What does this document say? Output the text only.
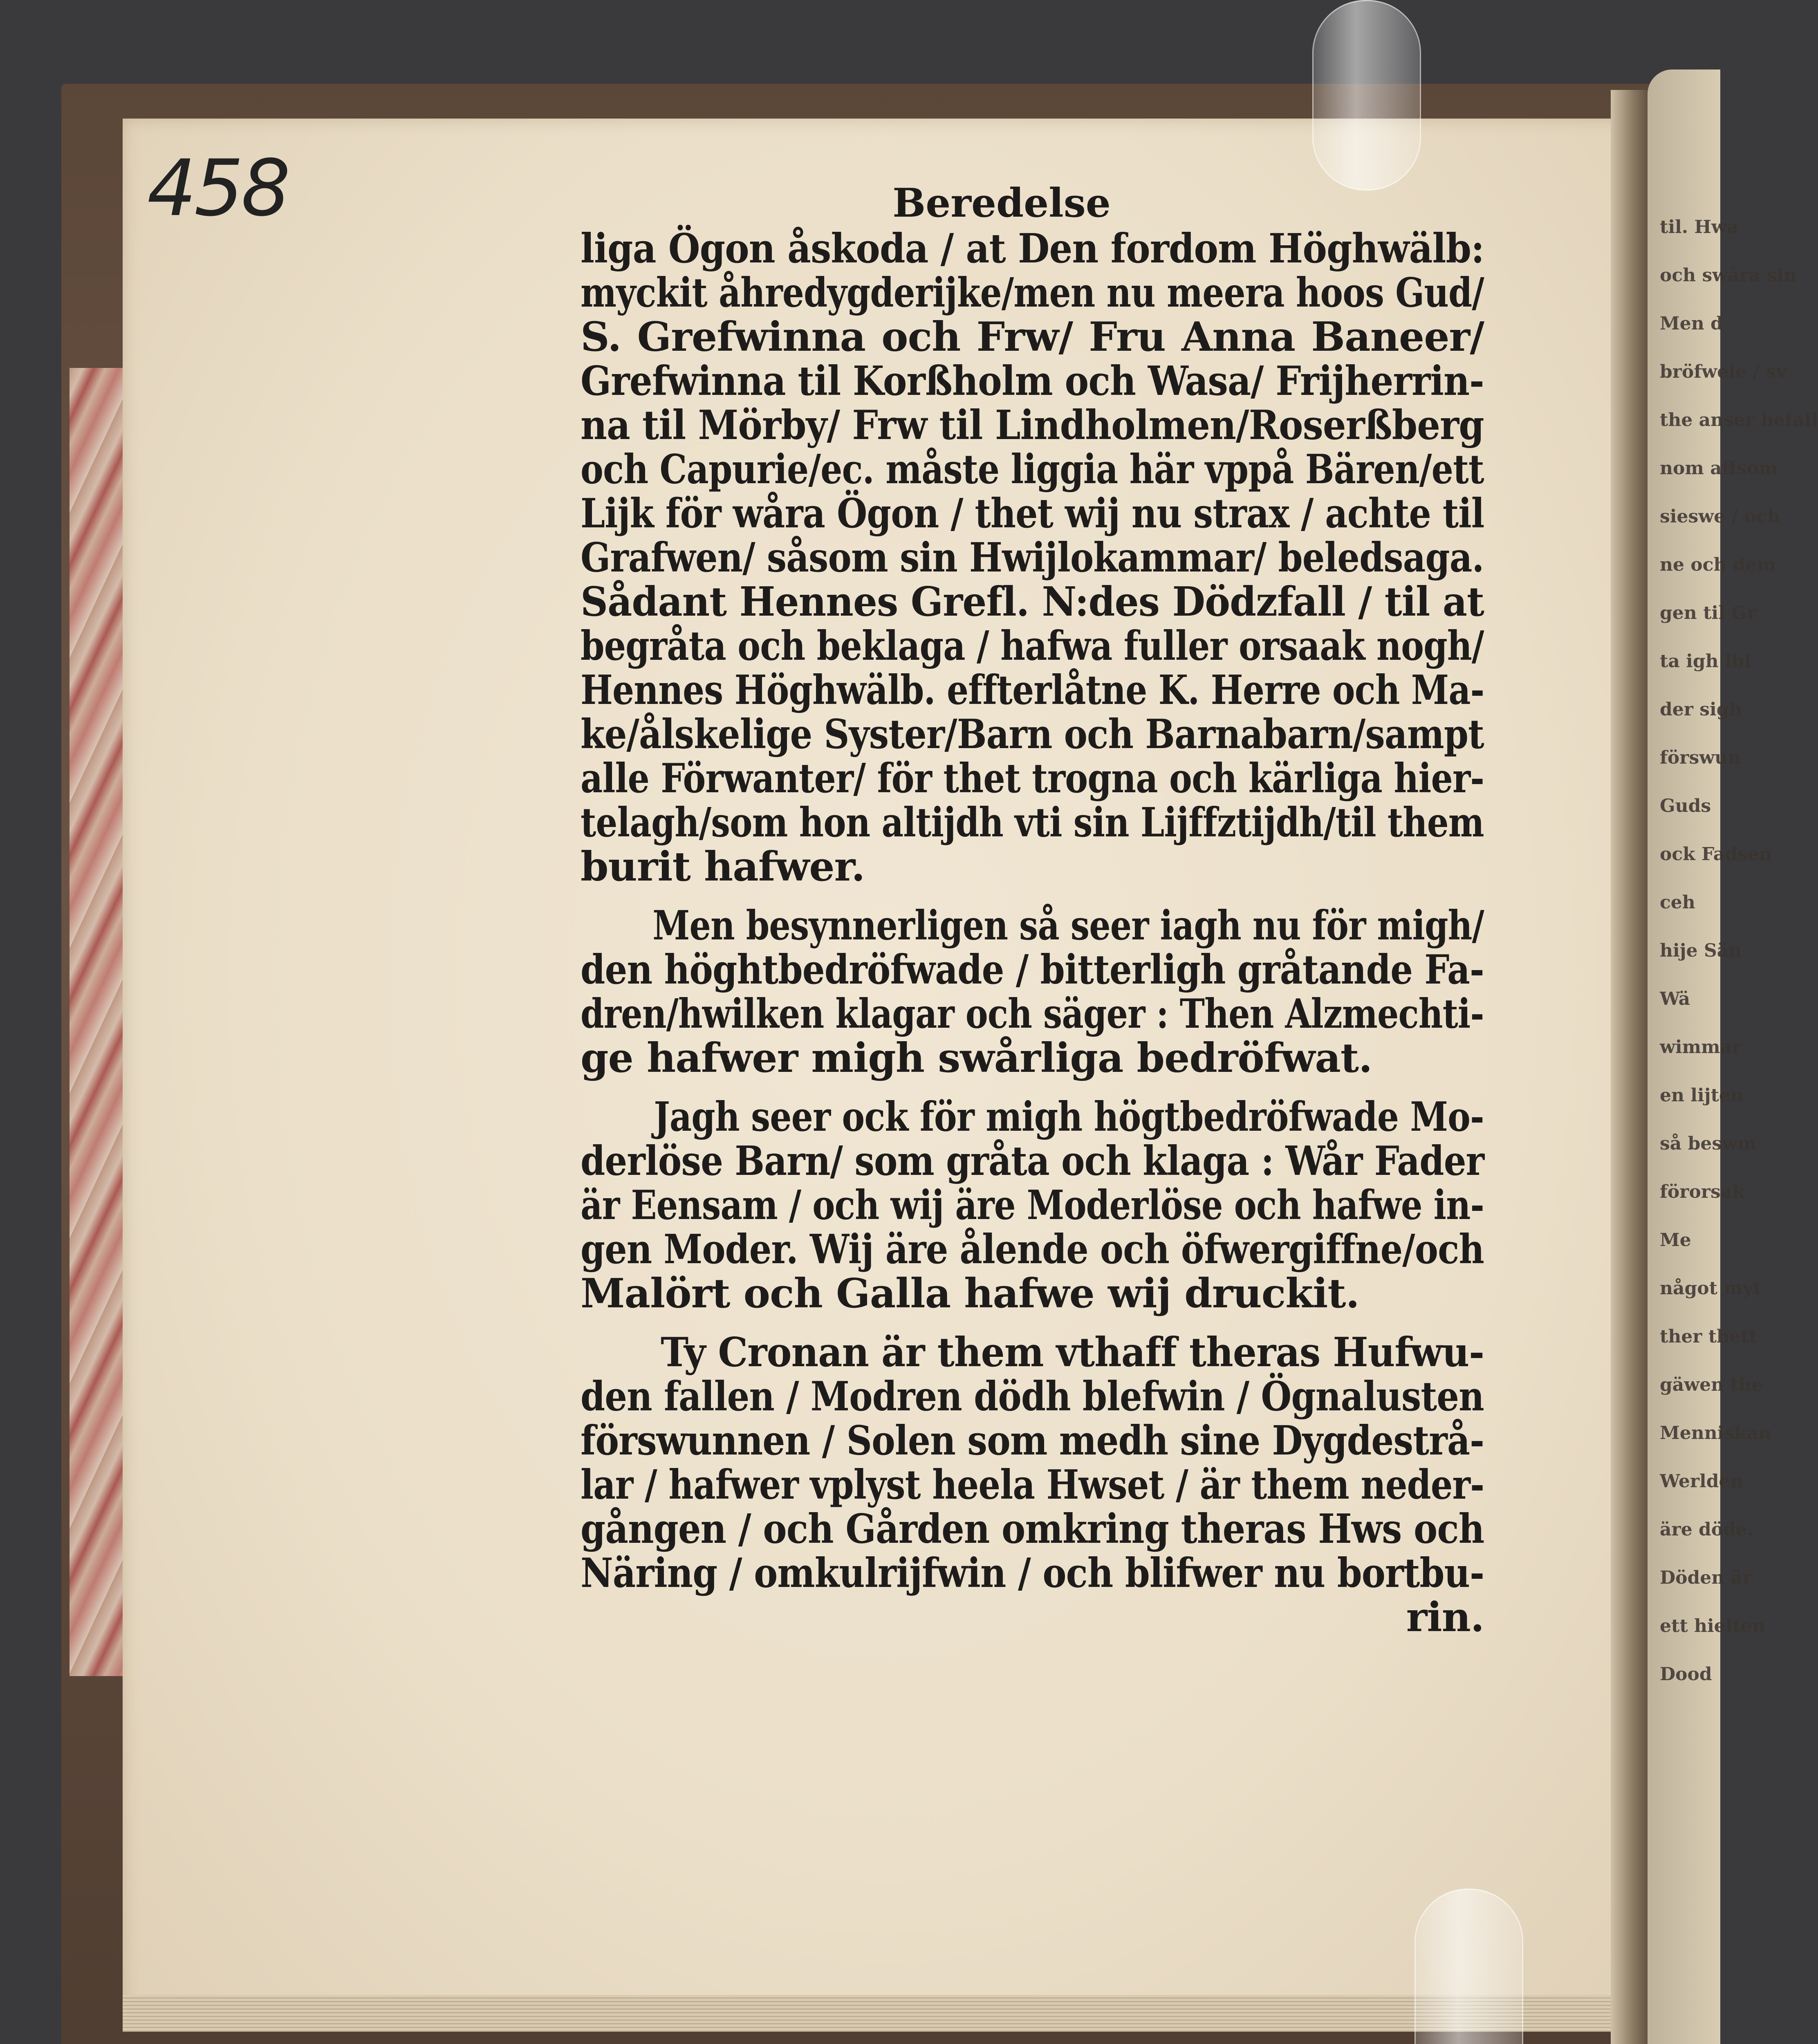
til. Hwa
och swåra sin
Men d
bröfwele / sv
the anser befall
nom affsom
sieswe / och
ne och dem
gen til Gr
ta igh ibl
der sigh
förswun
Guds
ock Fadsen
ceh
hije Sän
Wä
wimmar
en lijten
så beswm
förorsak
Me
något myt
ther tbett
gäwen the
Menniskan
Werlden
äre döde.
Döden är
ett hielten
Dood
458	Beredelse
liga Ögon åskoda / at Den fordom Höghwälb:
myckit åhredygderijke/men nu meera hoos Gud/
S. Grefwinna och Frw/ Fru Anna Baneer/
Grefwinna til Korßholm och Wasa/ Frijherrin-
na til Mörby/ Frw til Lindholmen/Roserßberg
och Capurie/ec. måste liggia här vppå Bären/ett
Lijk för wåra Ögon / thet wij nu strax / achte til
Grafwen/ såsom sin Hwijlokammar/ beledsaga.
Sådant Hennes Grefl. N:des Dödzfall / til at
begråta och beklaga / hafwa fuller orsaak nogh/
Hennes Höghwälb. effterlåtne K. Herre och Ma-
ke/ålskelige Syster/Barn och Barnabarn/sampt
alle Förwanter/ för thet trogna och kärliga hier-
telagh/som hon altijdh vti sin Lijffztijdh/til them
burit hafwer.
Men besynnerligen så seer iagh nu för migh/
den höghtbedröfwade / bitterligh gråtande Fa-
dren/hwilken klagar och säger : Then Alzmechti-
ge hafwer migh swårliga bedröfwat.
Jagh seer ock för migh högtbedröfwade Mo-
derlöse Barn/ som gråta och klaga : Wår Fader
är Eensam / och wij äre Moderlöse och hafwe in-
gen Moder. Wij äre ålende och öfwergiffne/och
Malört och Galla hafwe wij druckit.
Ty Cronan är them vthaff theras Hufwu-
den fallen / Modren dödh blefwin / Ögnalusten
förswunnen / Solen som medh sine Dygdestrå-
lar / hafwer vplyst heela Hwset / är them neder-
gången / och Gården omkring theras Hws och
Näring / omkulrijfwin / och blifwer nu bortbu-
rin.
